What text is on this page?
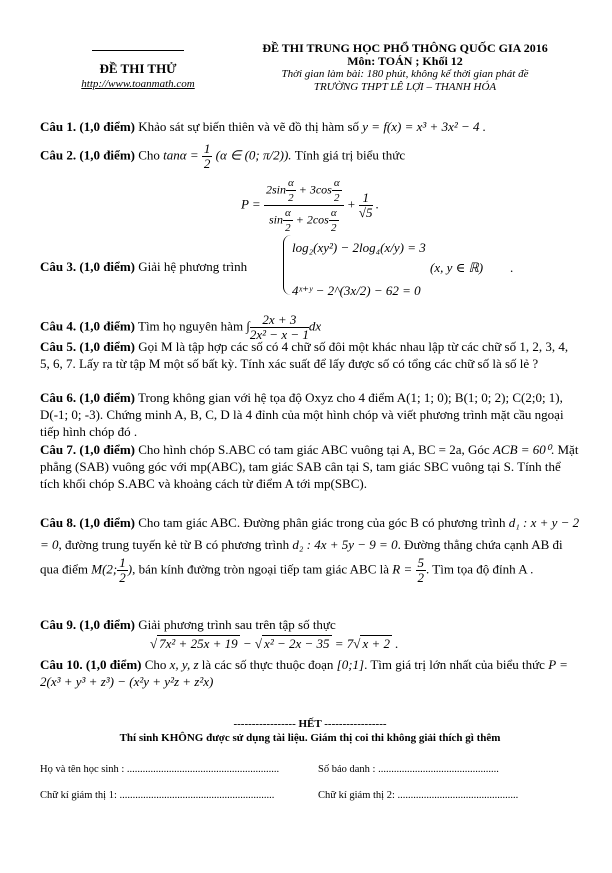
ĐỀ THI THỬ
http://www.toanmath.com
ĐỀ THI TRUNG HỌC PHỔ THÔNG QUỐC GIA 2016
Môn: TOÁN ; Khối 12
Thời gian làm bài: 180 phút, không kể thời gian phát đề
TRƯỜNG THPT LÊ LỢI – THANH HÓA
Câu 1. (1,0 điểm) Khảo sát sự biến thiên và vẽ đồ thị hàm số y = f(x) = x³ + 3x² − 4 .
Câu 2. (1,0 điểm) Cho $\tan\alpha = \frac{1}{2} (\alpha$ ∈ (0; π/2)). Tính giá trị biểu thức
$P = \frac{2\sin \frac{\alpha}{2} + 3\cos \frac{\alpha}{2}}{\sin \frac{\alpha}{2} + 2\cos \frac{\alpha}{2}} + \frac{1}{√5}$ .
Câu 3. (1,0 điểm) Giải hệ phương trình
log₂(xy²) − 2log₄(x/y) = 3
4ˣ⁺ʸ − 2^(3x/2) − 62 = 0
(x, y ∈ ℝ) .
Câu 4. (1,0 điểm) Tìm họ nguyên hàm ∫ $\frac{2x + 3}{\text{2x² − x − 1}}$ dx
Câu 5. (1,0 điểm) Gọi M là tập hợp các số có 4 chữ số đôi một khác nhau lập từ các chữ số 1, 2, 3, 4, 5, 6, 7. Lấy ra từ tập M một số bất kỳ. Tính xác suất để lấy được số có tổng các chữ số là số lẻ ?
Câu 6. (1,0 điểm) Trong không gian với hệ tọa độ Oxyz cho 4 điểm A(1; 1; 0); B(1; 0; 2); C(2;0; 1), D(-1; 0; -3). Chứng minh A, B, C, D là 4 đỉnh của một hình chóp và viết phương trình mặt cầu ngoại tiếp hình chóp đó .
Câu 7. (1,0 điểm) Cho hình chóp S.ABC có tam giác ABC vuông tại A, BC = 2a, Góc ACB = 60⁰. Mặt phẳng (SAB) vuông góc với mp(ABC), tam giác SAB cân tại S, tam giác SBC vuông tại S. Tính thể tích khối chóp S.ABC và khoảng cách từ điểm A tới mp(SBC).
Câu 8. (1,0 điểm) Cho tam giác ABC. Đường phân giác trong của góc B có phương trình d₁ : x + y − 2 = 0, đường trung tuyến kẻ từ B có phương trình d₂ : 4x + 5y − 9 = 0. Đường thẳng chứa cạnh AB đi qua điểm M(2; $\frac{1}{2}$ ), bán kính đường tròn ngoại tiếp tam giác ABC là $R = \frac{5}{2}$ . Tìm tọa độ đỉnh A .
Câu 9. (1,0 điểm) Giải phương trình sau trên tập số thực
√ 7x² + 25x + 19 − √ x² − 2x − 35 = 7√ x + 2 .
Câu 10. (1,0 điểm) Cho x, y, z là các số thực thuộc đoạn [0;1]. Tìm giá trị lớn nhất của biểu thức P = 2(x³ + y³ + z³) − (x²y + y²z + z²x)
----------------- HẾT -----------------
Thí sinh KHÔNG được sử dụng tài liệu. Giám thị coi thi không giải thích gì thêm
Họ và tên học sinh : ..........................................................	Số báo danh : ..............................................
Chữ kí giám thị 1: ...........................................................	Chữ kí giám thị 2: ..............................................
